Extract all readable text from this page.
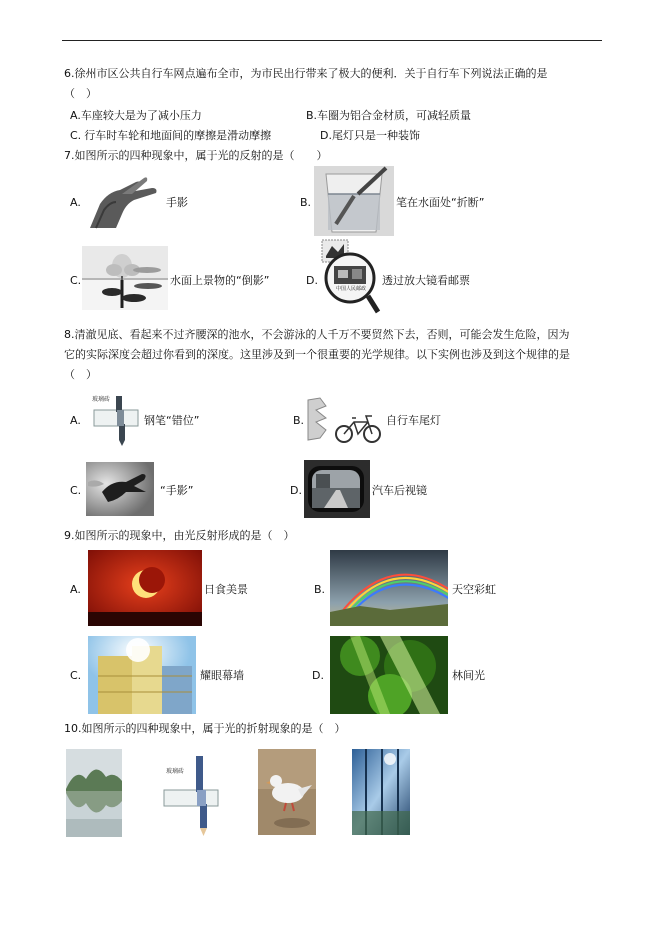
6.徐州市区公共自行车网点遍布全市，为市民出行带来了极大的便利．关于自行车下列说法正确的是
（　）
A.车座较大是为了减小压力	B.车圈为铝合金材质，可减轻质量
C. 行车时车轮和地面间的摩擦是滑动摩擦	D.尾灯只是一种装饰
7.如图所示的四种现象中，属于光的反射的是（　　）
A.	手影	B.	笔在水面处“折断”
C.	水面上景物的“倒影”	D.
中国人民邮政
透过放大镜看邮票
8.清澈见底、看起来不过齐腰深的池水，不会游泳的人千万不要贸然下去，否则，可能会发生危险，因为
它的实际深度会超过你看到的深度。这里涉及到一个很重要的光学规律。以下实例也涉及到这个规律的是
（　）
A.
玻璃砖
钢笔“错位”	B.	自行车尾灯
C.	“手影”	D.	汽车后视镜
9.如图所示的现象中，由光反射形成的是（　）
A.	日食美景	B.	天空彩虹
C.	耀眼幕墙	D.	林间光
10.如图所示的四种现象中，属于光的折射现象的是（　）
玻璃砖
